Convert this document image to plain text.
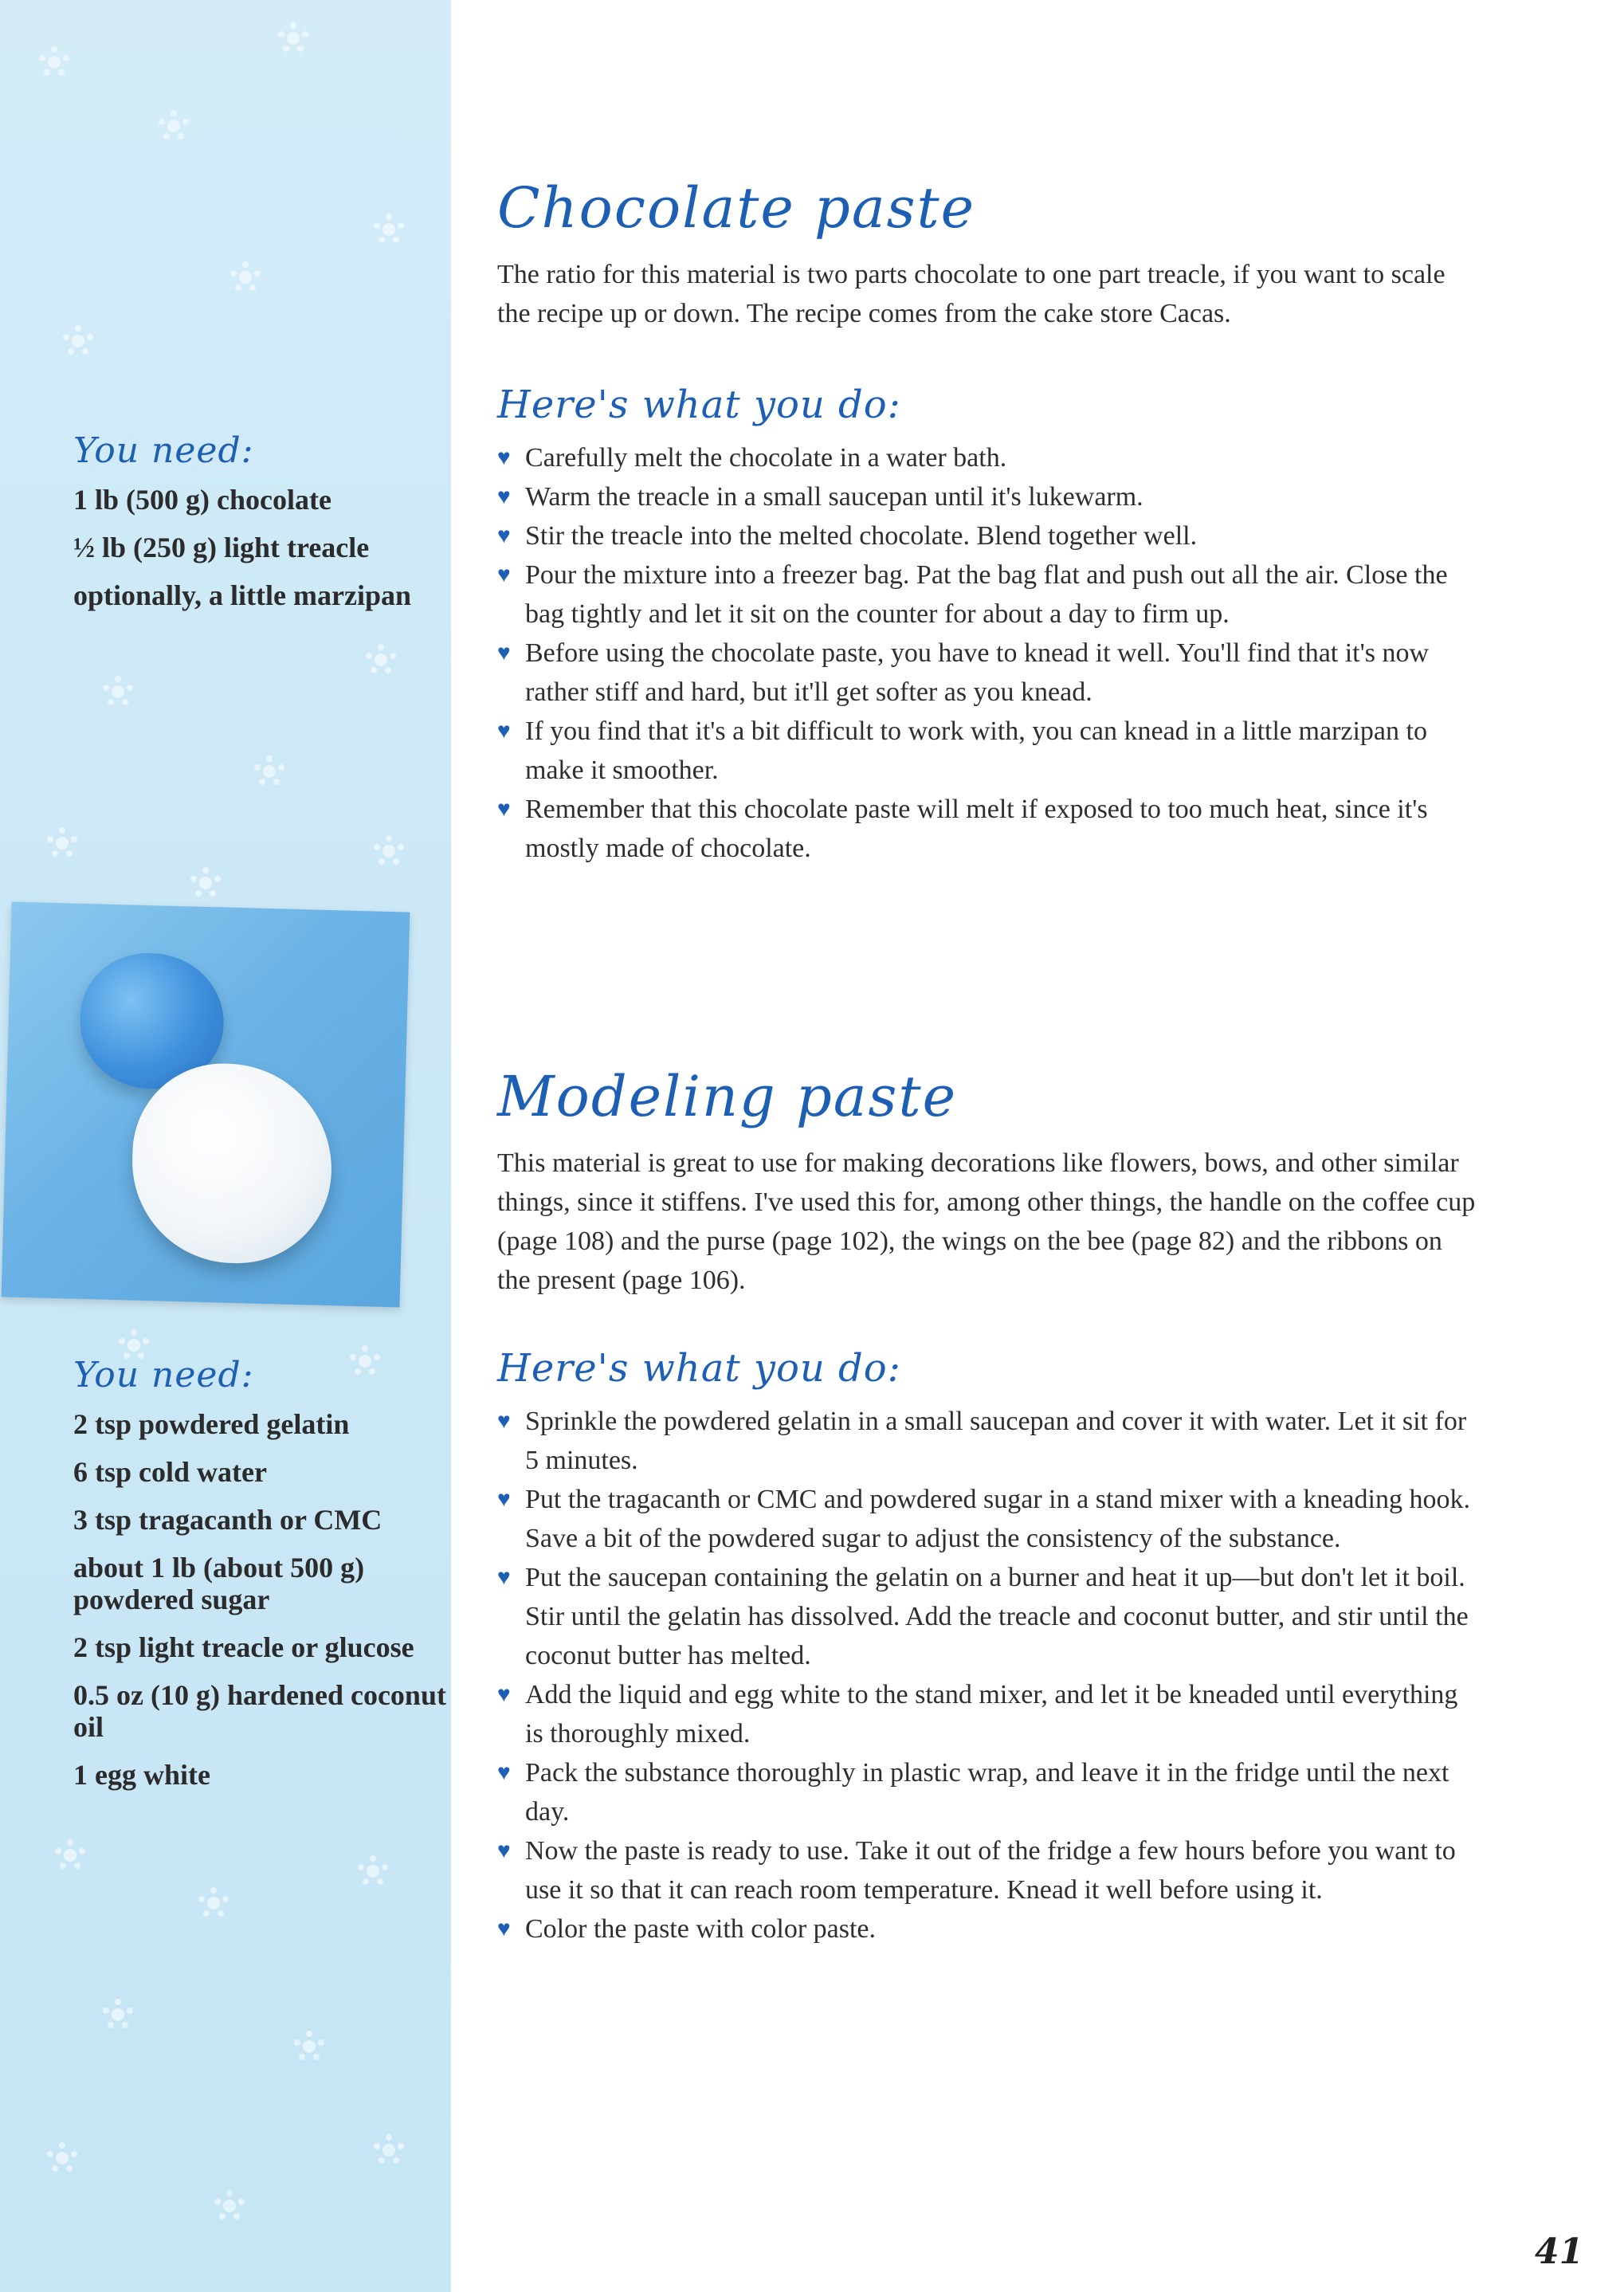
You need:
1 lb (500 g) chocolate
½ lb (250 g) light treacle
optionally, a little marzipan
You need:
2 tsp powdered gelatin
6 tsp cold water
3 tsp tragacanth or CMC
about 1 lb (about 500 g) powdered sugar
2 tsp light treacle or glucose
0.5 oz (10 g) hardened coconut oil
1 egg white
Chocolate paste

The ratio for this material is two parts chocolate to one part treacle, if you want to scale the recipe up or down. The recipe comes from the cake store Cacas.

Here's what you do:
♥ Carefully melt the chocolate in a water bath.
♥ Warm the treacle in a small saucepan until it's lukewarm.
♥ Stir the treacle into the melted chocolate. Blend together well.
♥ Pour the mixture into a freezer bag. Pat the bag flat and push out all the air. Close the bag tightly and let it sit on the counter for about a day to firm up.
♥ Before using the chocolate paste, you have to knead it well. You'll find that it's now rather stiff and hard, but it'll get softer as you knead.
♥ If you find that it's a bit difficult to work with, you can knead in a little marzipan to make it smoother.
♥ Remember that this chocolate paste will melt if exposed to too much heat, since it's mostly made of chocolate.
Modeling paste

This material is great to use for making decorations like flowers, bows, and other similar things, since it stiffens. I've used this for, among other things, the handle on the coffee cup (page 108) and the purse (page 102), the wings on the bee (page 82) and the ribbons on the present (page 106).

Here's what you do:
♥ Sprinkle the powdered gelatin in a small saucepan and cover it with water. Let it sit for 5 minutes.
♥ Put the tragacanth or CMC and powdered sugar in a stand mixer with a kneading hook. Save a bit of the powdered sugar to adjust the consistency of the substance.
♥ Put the saucepan containing the gelatin on a burner and heat it up—but don't let it boil. Stir until the gelatin has dissolved. Add the treacle and coconut butter, and stir until the coconut butter has melted.
♥ Add the liquid and egg white to the stand mixer, and let it be kneaded until everything is thoroughly mixed.
♥ Pack the substance thoroughly in plastic wrap, and leave it in the fridge until the next day.
♥ Now the paste is ready to use. Take it out of the fridge a few hours before you want to use it so that it can reach room temperature. Knead it well before using it.
♥ Color the paste with color paste.
41
